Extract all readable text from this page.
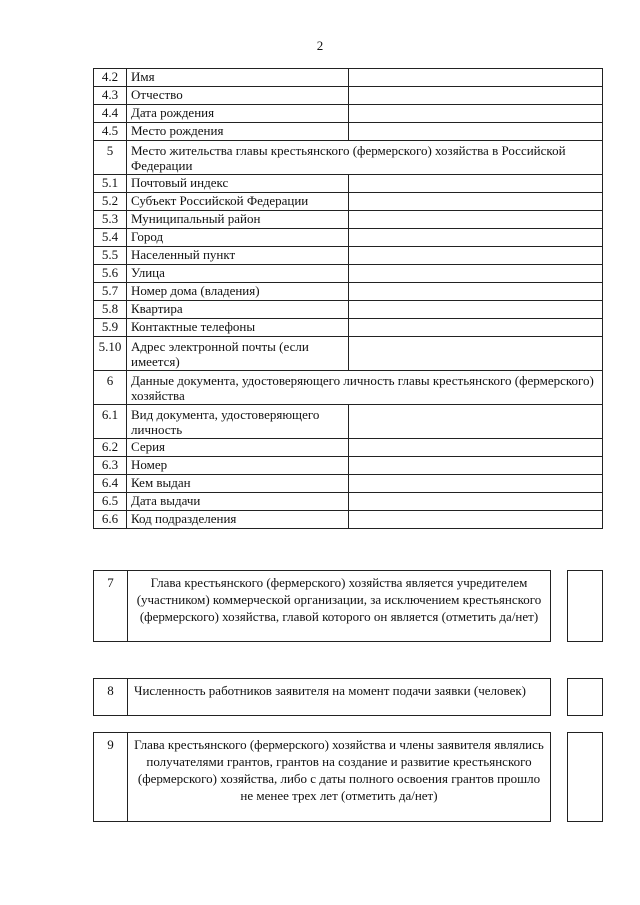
2
4.2	Имя	
4.3	Отчество	
4.4	Дата рождения	
4.5	Место рождения	
5	Место жительства главы крестьянского (фермерского) хозяйства в Российской Федерации	
5.1	Почтовый индекс	
5.2	Субъект Российской Федерации	
5.3	Муниципальный район	
5.4	Город	
5.5	Населенный пункт	
5.6	Улица	
5.7	Номер дома (владения)	
5.8	Квартира	
5.9	Контактные телефоны	
5.10	Адрес электронной почты (если имеется)	
6	Данные документа, удостоверяющего личность главы крестьянского (фермерского) хозяйства	
6.1	Вид документа, удостоверяющего личность	
6.2	Серия	
6.3	Номер	
6.4	Кем выдан	
6.5	Дата выдачи	
6.6	Код подразделения	
7	Глава крестьянского (фермерского) хозяйства является учредителем (участником) коммерческой организации, за исключением крестьянского (фермерского) хозяйства, главой которого он является (отметить да/нет)
8	Численность работников заявителя на момент подачи заявки (человек)
9	Глава крестьянского (фермерского) хозяйства и члены заявителя являлись получателями грантов, грантов на создание и развитие крестьянского (фермерского) хозяйства, либо с даты полного освоения грантов прошло не менее трех лет (отметить да/нет)
